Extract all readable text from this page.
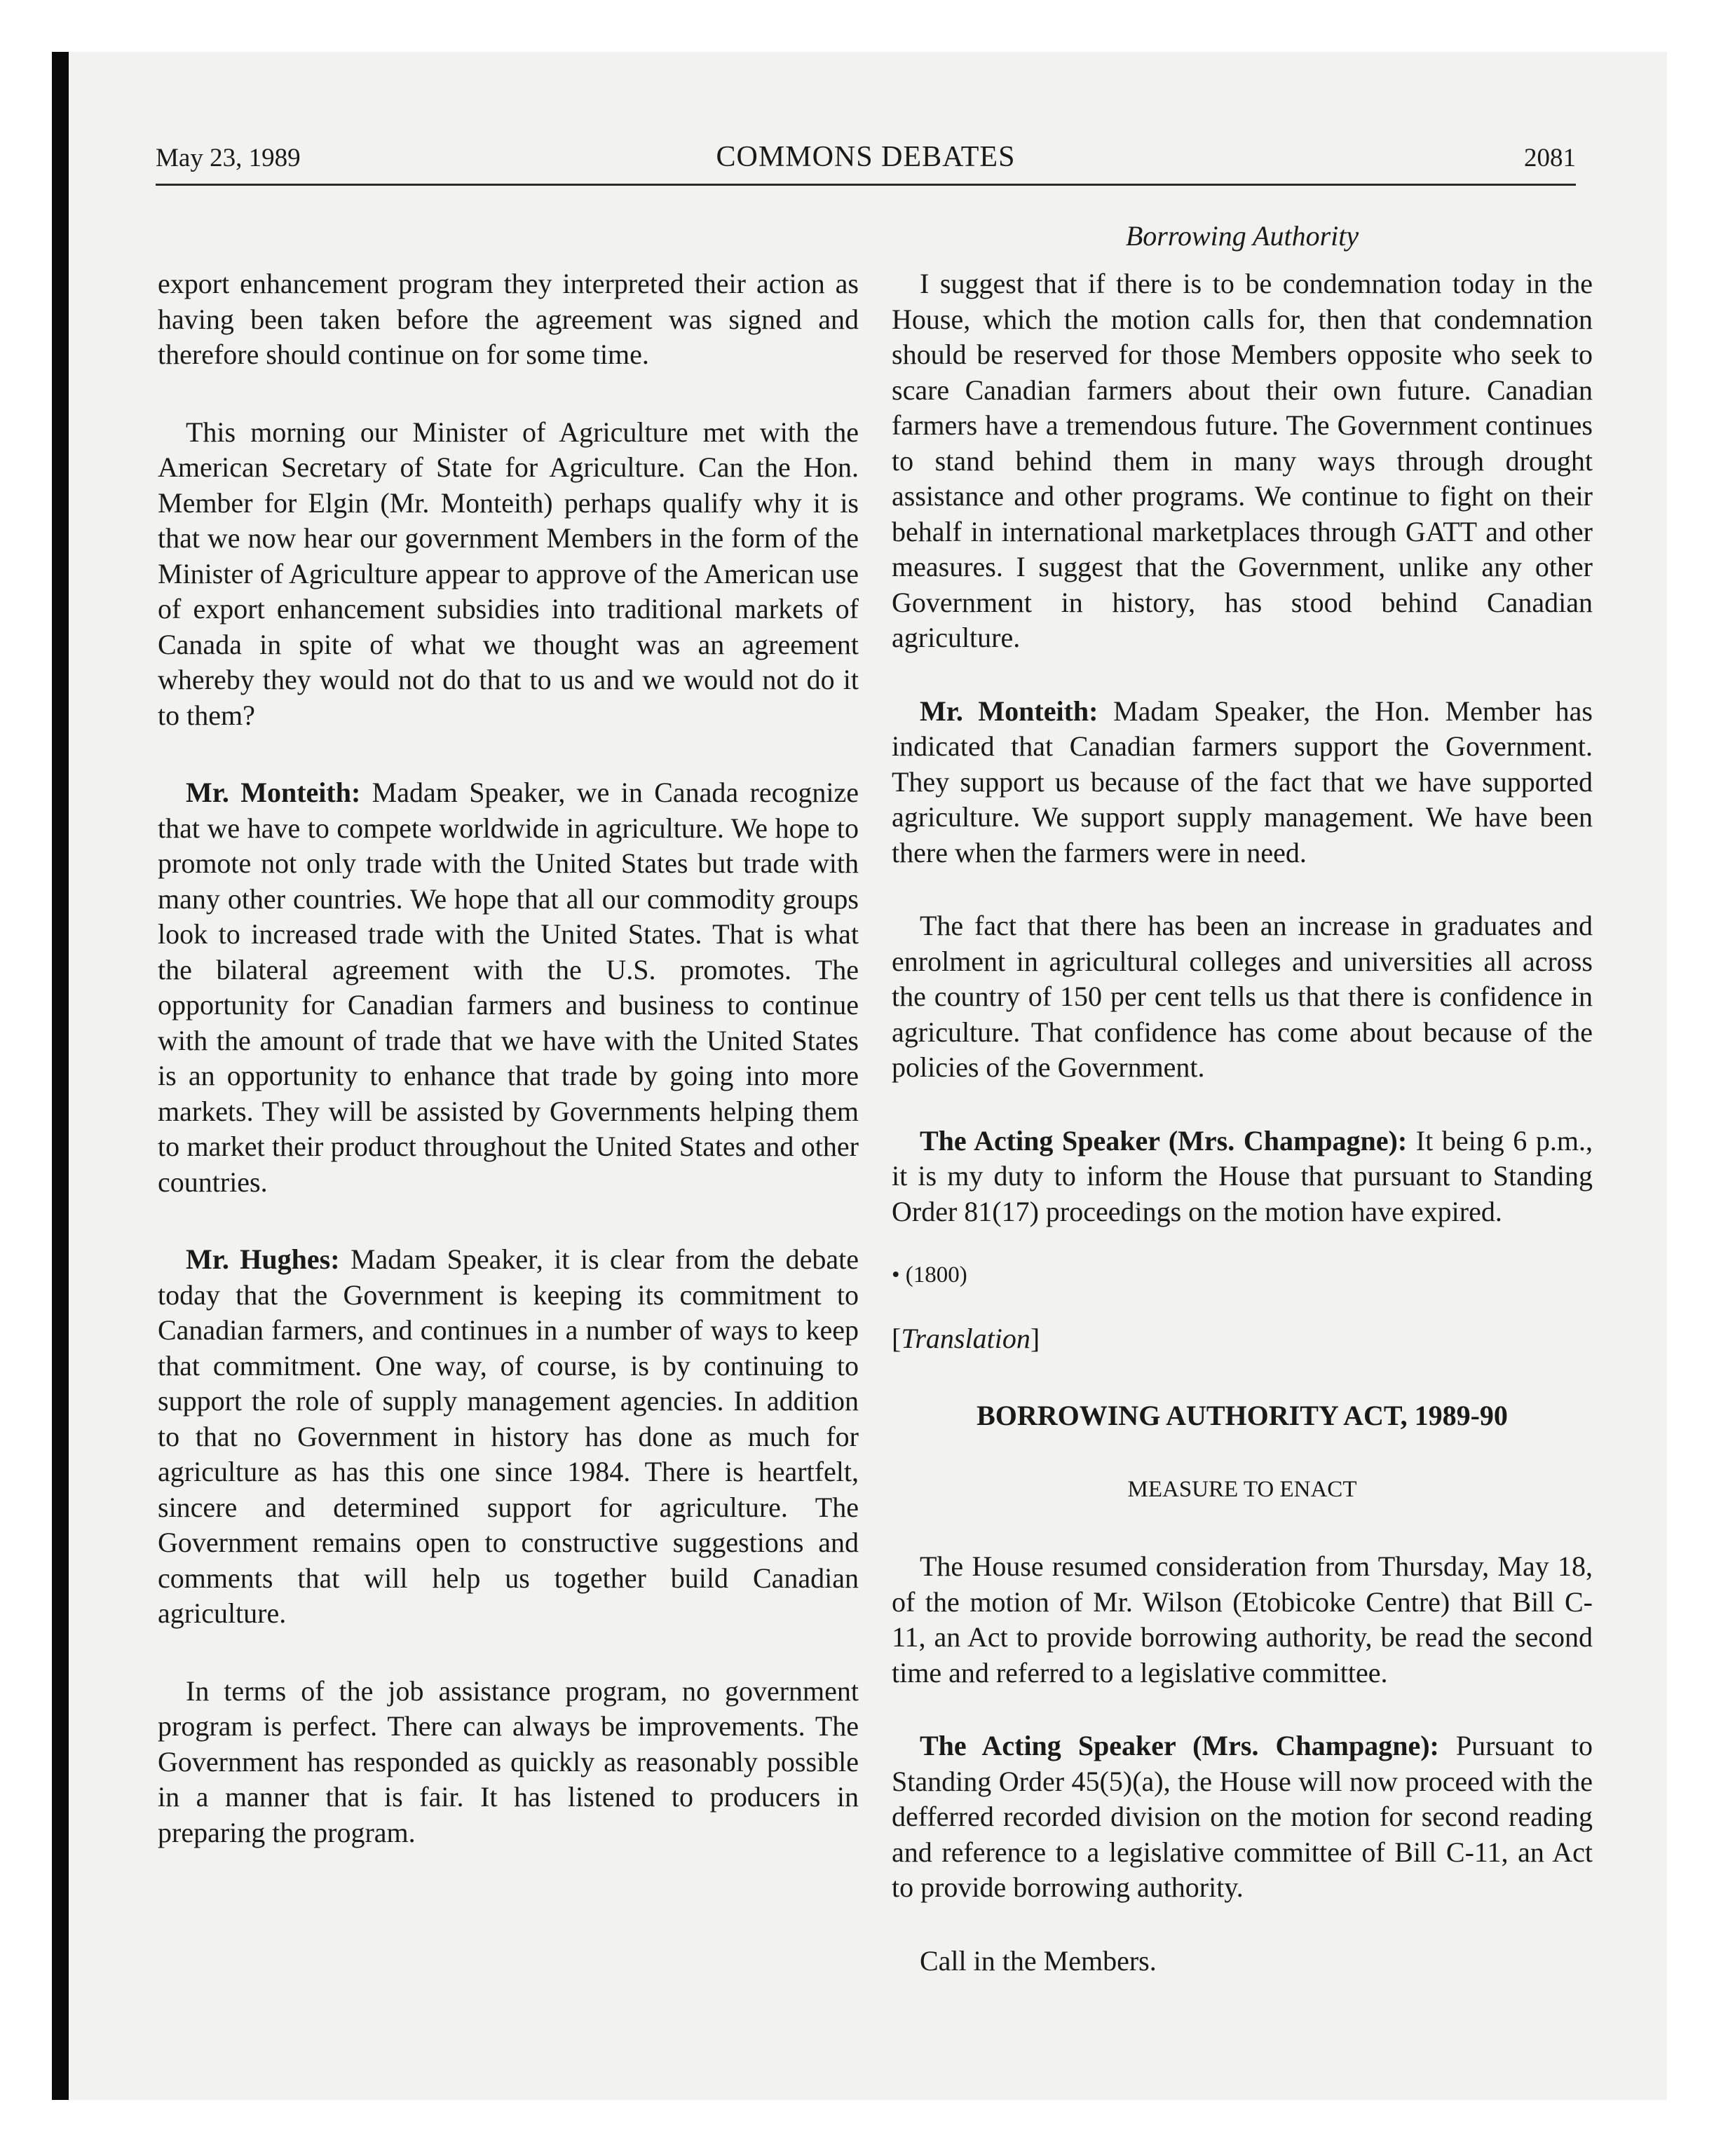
May 23, 1989	COMMONS DEBATES	2081
Borrowing Authority

export enhancement program they interpreted their action as having been taken before the agreement was signed and therefore should continue on for some time.

This morning our Minister of Agriculture met with the American Secretary of State for Agriculture. Can the Hon. Member for Elgin (Mr. Monteith) perhaps qualify why it is that we now hear our government Members in the form of the Minister of Agriculture appear to approve of the American use of export enhancement subsidies into traditional markets of Canada in spite of what we thought was an agreement whereby they would not do that to us and we would not do it to them?

Mr. Monteith: Madam Speaker, we in Canada recognize that we have to compete worldwide in agriculture. We hope to promote not only trade with the United States but trade with many other countries. We hope that all our commodity groups look to increased trade with the United States. That is what the bilateral agreement with the U.S. promotes. The opportunity for Canadian farmers and business to continue with the amount of trade that we have with the United States is an opportunity to enhance that trade by going into more markets. They will be assisted by Governments helping them to market their product throughout the United States and other countries.

Mr. Hughes: Madam Speaker, it is clear from the debate today that the Government is keeping its commitment to Canadian farmers, and continues in a number of ways to keep that commitment. One way, of course, is by continuing to support the role of supply management agencies. In addition to that no Government in history has done as much for agriculture as has this one since 1984. There is heartfelt, sincere and determined support for agriculture. The Government remains open to constructive suggestions and comments that will help us together build Canadian agriculture.

In terms of the job assistance program, no government program is perfect. There can always be improvements. The Government has responded as quickly as reasonably possible in a manner that is fair. It has listened to producers in preparing the program.

I suggest that if there is to be condemnation today in the House, which the motion calls for, then that condemnation should be reserved for those Members opposite who seek to scare Canadian farmers about their own future. Canadian farmers have a tremendous future. The Government continues to stand behind them in many ways through drought assistance and other programs. We continue to fight on their behalf in international marketplaces through GATT and other measures. I suggest that the Government, unlike any other Government in history, has stood behind Canadian agriculture.

Mr. Monteith: Madam Speaker, the Hon. Member has indicated that Canadian farmers support the Government. They support us because of the fact that we have supported agriculture. We support supply management. We have been there when the farmers were in need.

The fact that there has been an increase in graduates and enrolment in agricultural colleges and universities all across the country of 150 per cent tells us that there is confidence in agriculture. That confidence has come about because of the policies of the Government.

The Acting Speaker (Mrs. Champagne): It being 6 p.m., it is my duty to inform the House that pursuant to Standing Order 81(17) proceedings on the motion have expired.

• (1800)

[Translation]

BORROWING AUTHORITY ACT, 1989-90

MEASURE TO ENACT

The House resumed consideration from Thursday, May 18, of the motion of Mr. Wilson (Etobicoke Centre) that Bill C-11, an Act to provide borrowing authority, be read the second time and referred to a legislative committee.

The Acting Speaker (Mrs. Champagne): Pursuant to Standing Order 45(5)(a), the House will now proceed with the defferred recorded division on the motion for second reading and reference to a legislative committee of Bill C-11, an Act to provide borrowing authority.

Call in the Members.
